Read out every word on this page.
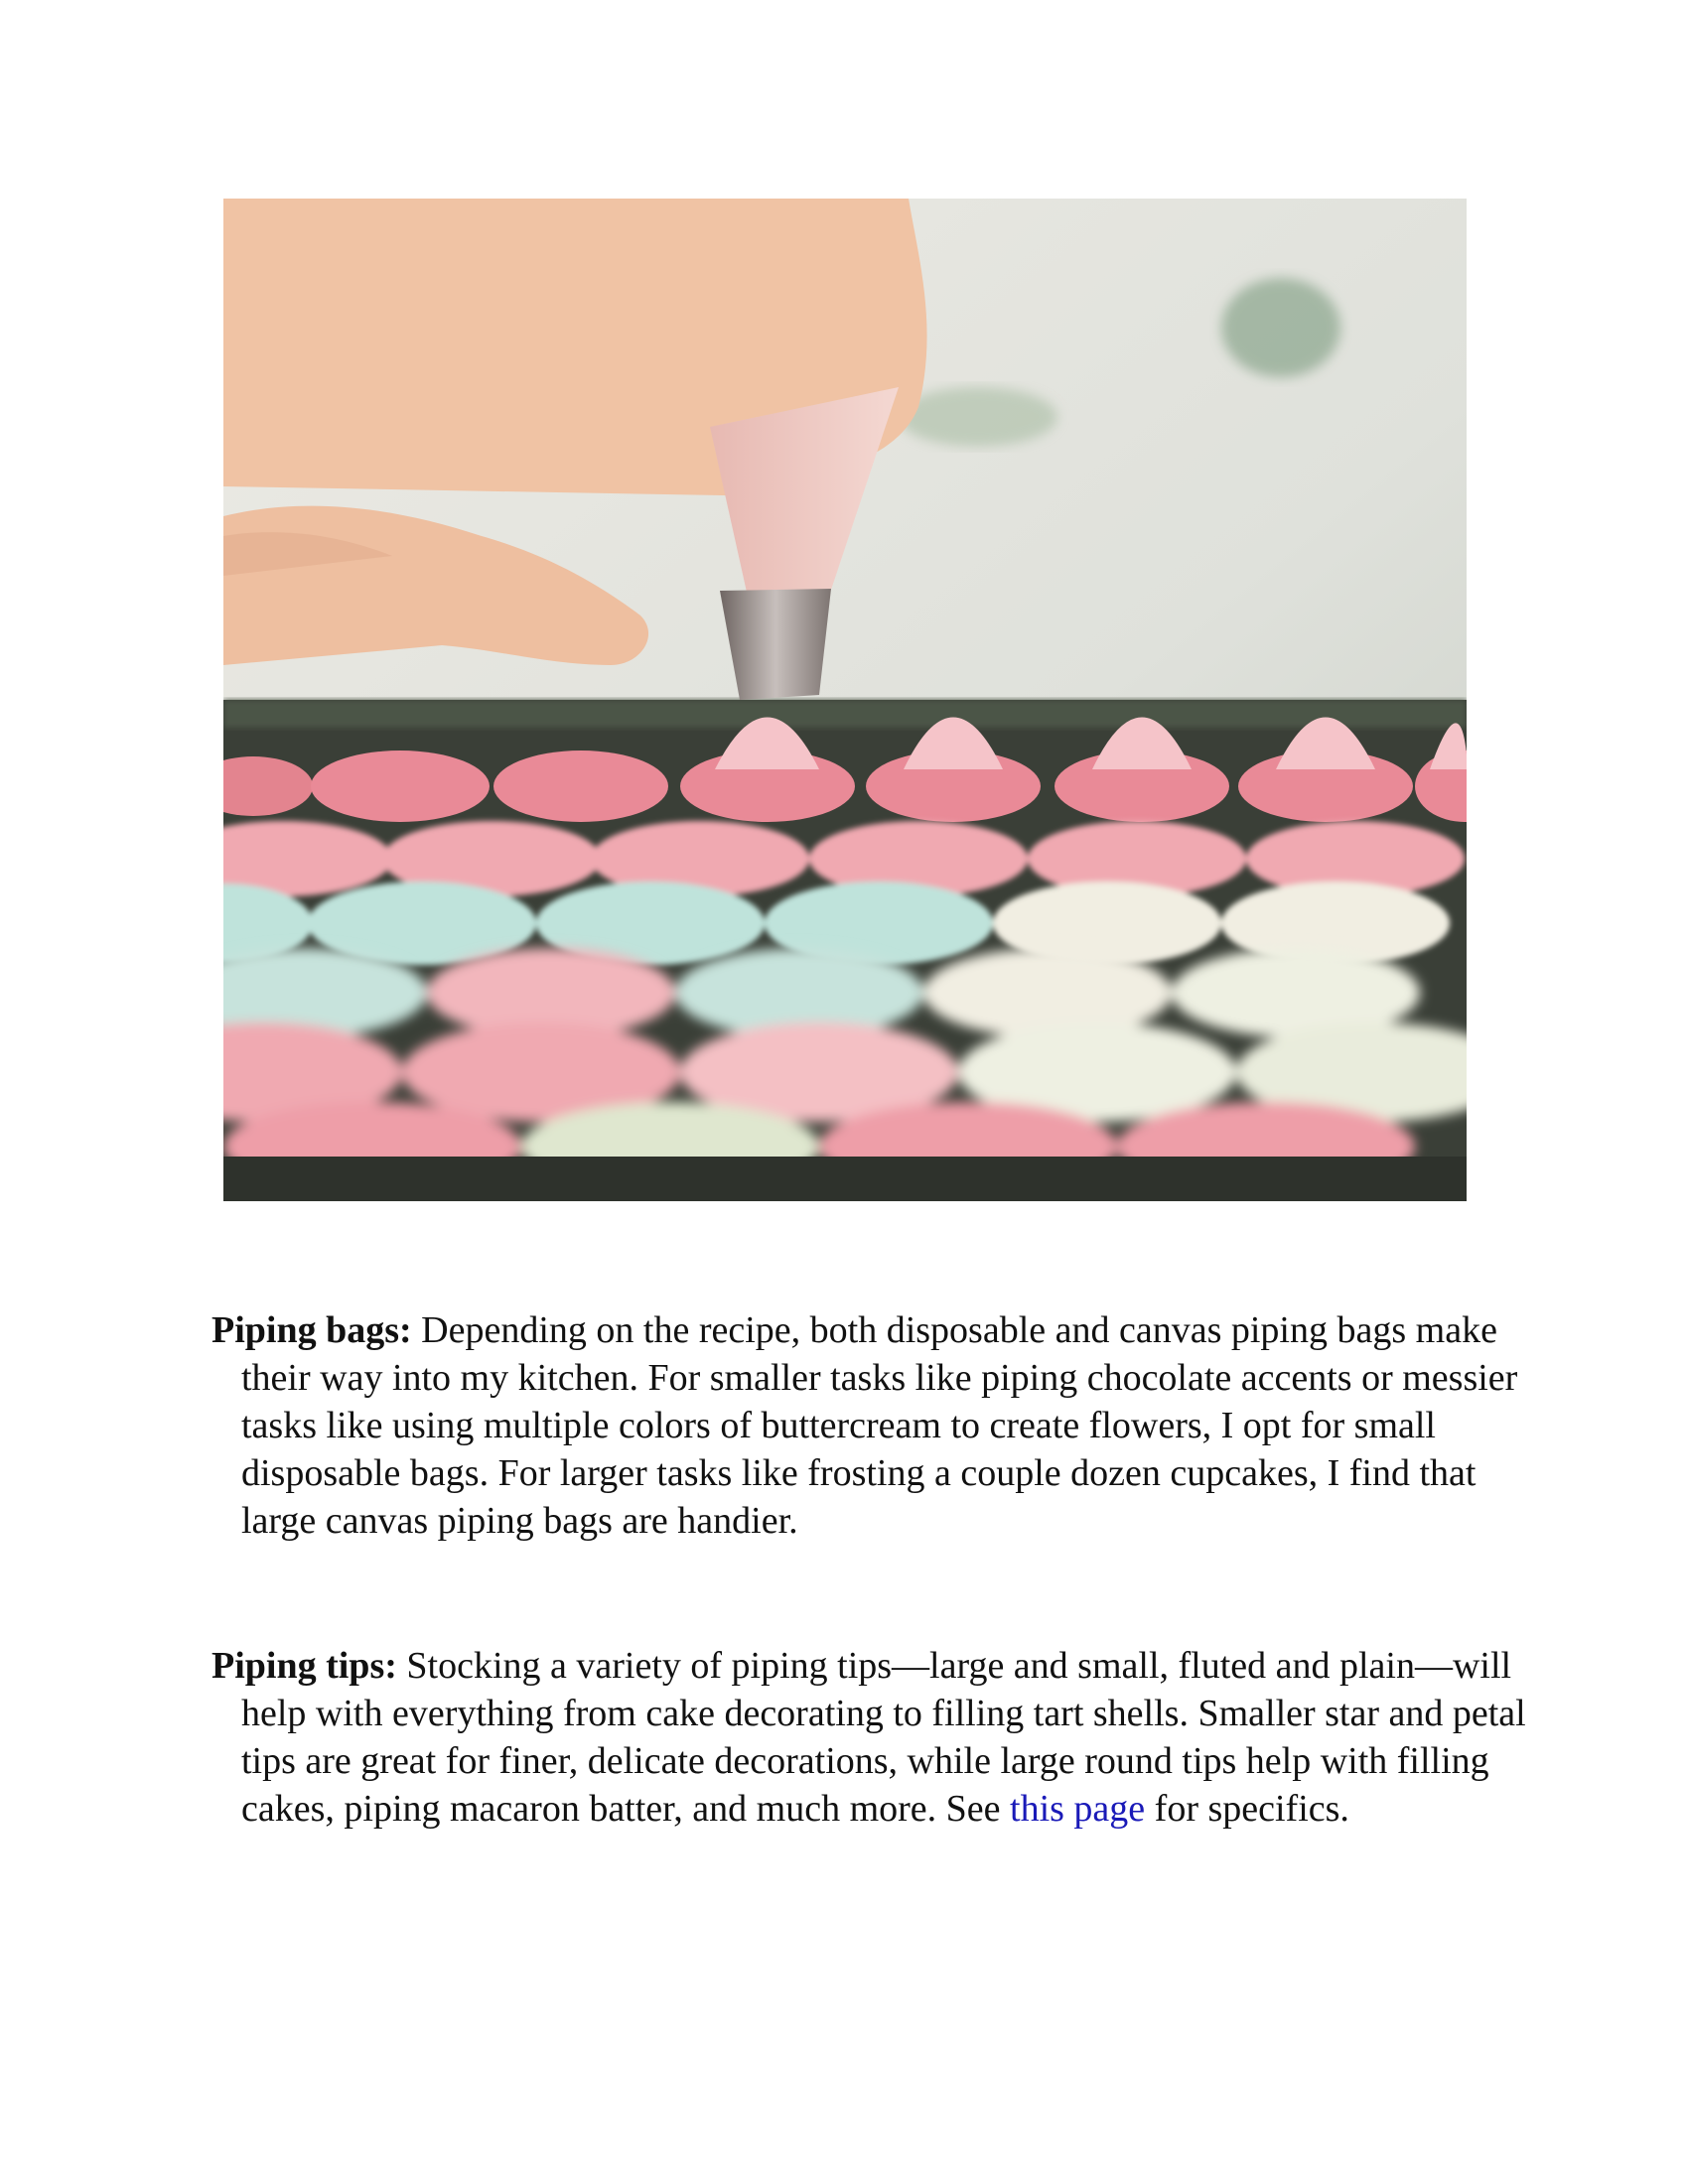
Piping bags: Depending on the recipe, both disposable and canvas piping bags make their way into my kitchen. For smaller tasks like piping chocolate accents or messier tasks like using multiple colors of buttercream to create flowers, I opt for small disposable bags. For larger tasks like frosting a couple dozen cupcakes, I find that large canvas piping bags are handier.

Piping tips: Stocking a variety of piping tips—large and small, fluted and plain—will help with everything from cake decorating to filling tart shells. Smaller star and petal tips are great for finer, delicate decorations, while large round tips help with filling cakes, piping macaron batter, and much more. See this page for specifics.
